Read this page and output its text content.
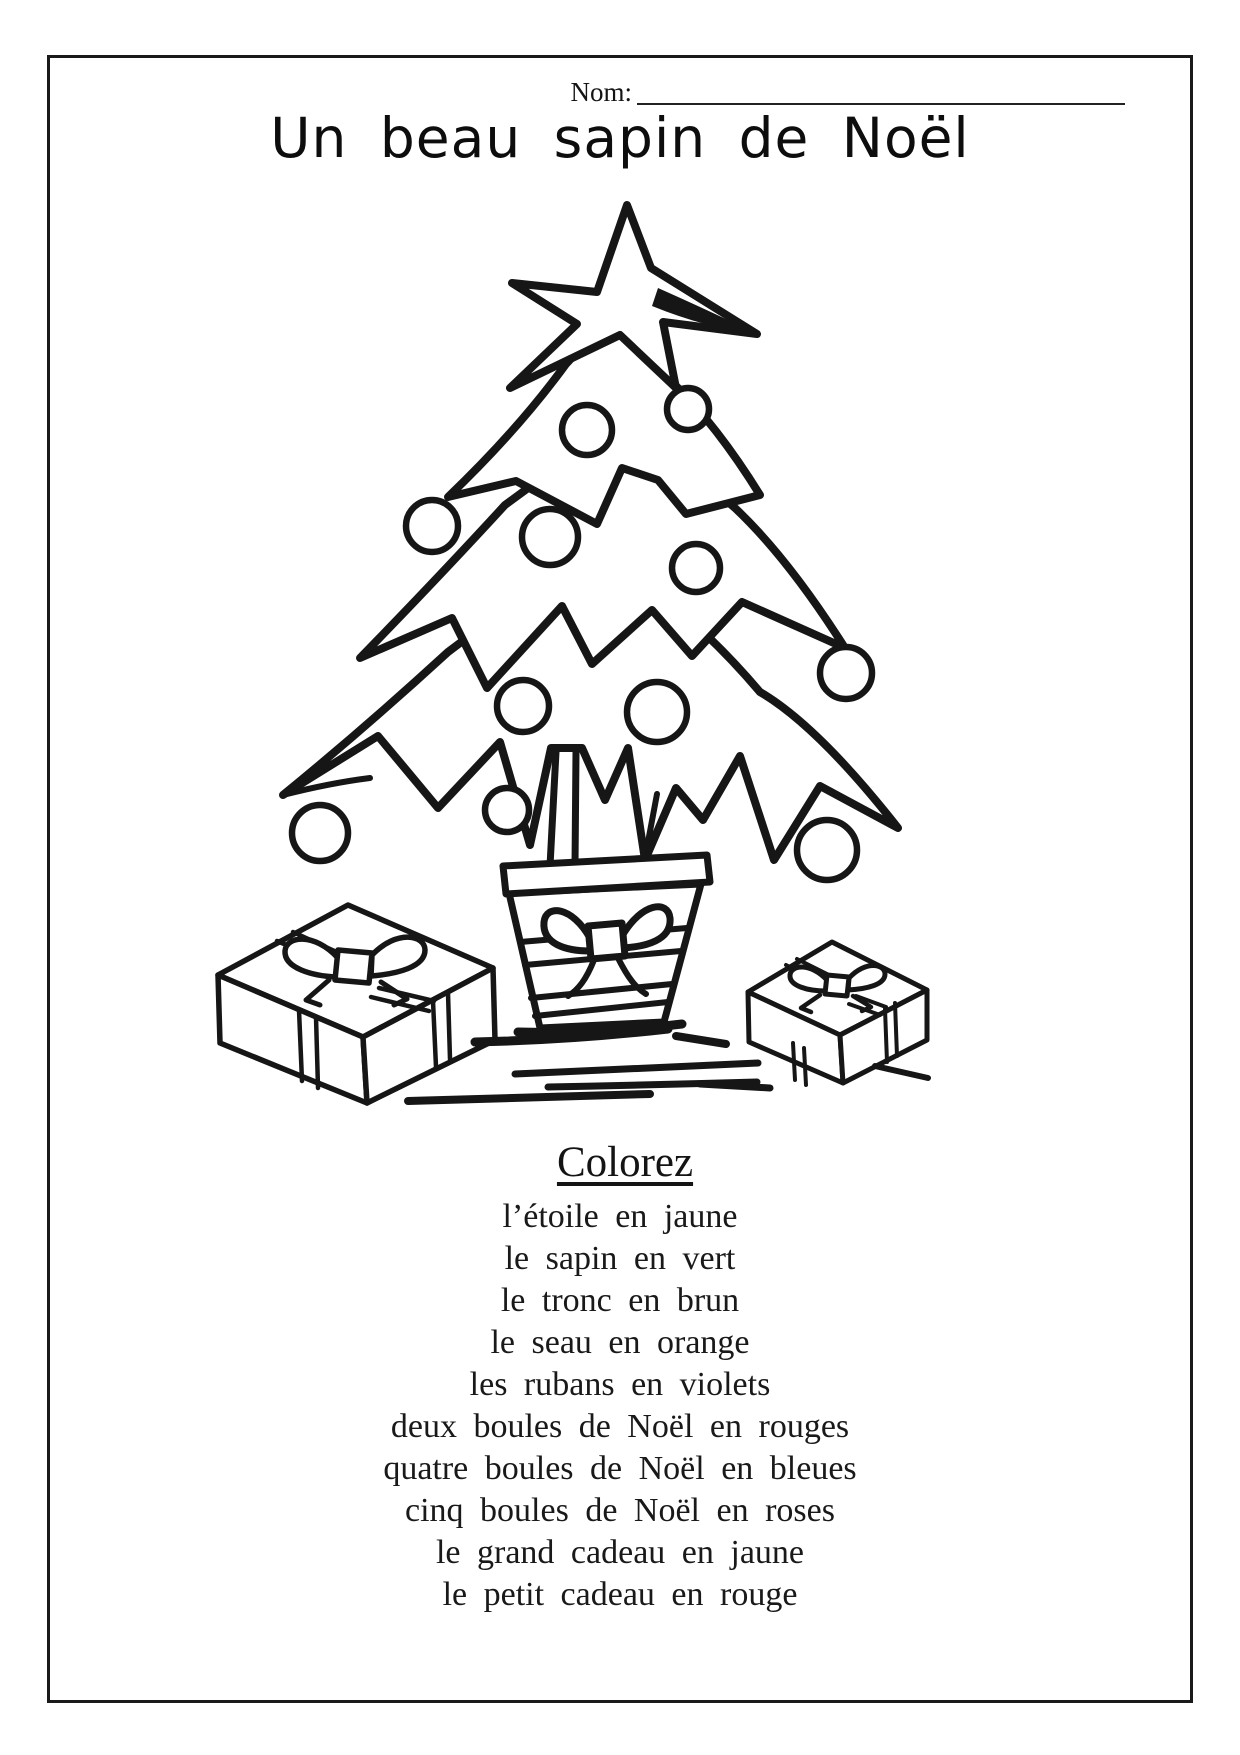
Nom:
Un beau sapin de Noël
Colorez
l’étoile en jaune
le sapin en vert
le tronc en brun
le seau en orange
les rubans en violets
deux boules de Noël en rouges
quatre boules de Noël en bleues
cinq boules de Noël en roses
le grand cadeau en jaune
le petit cadeau en rouge
